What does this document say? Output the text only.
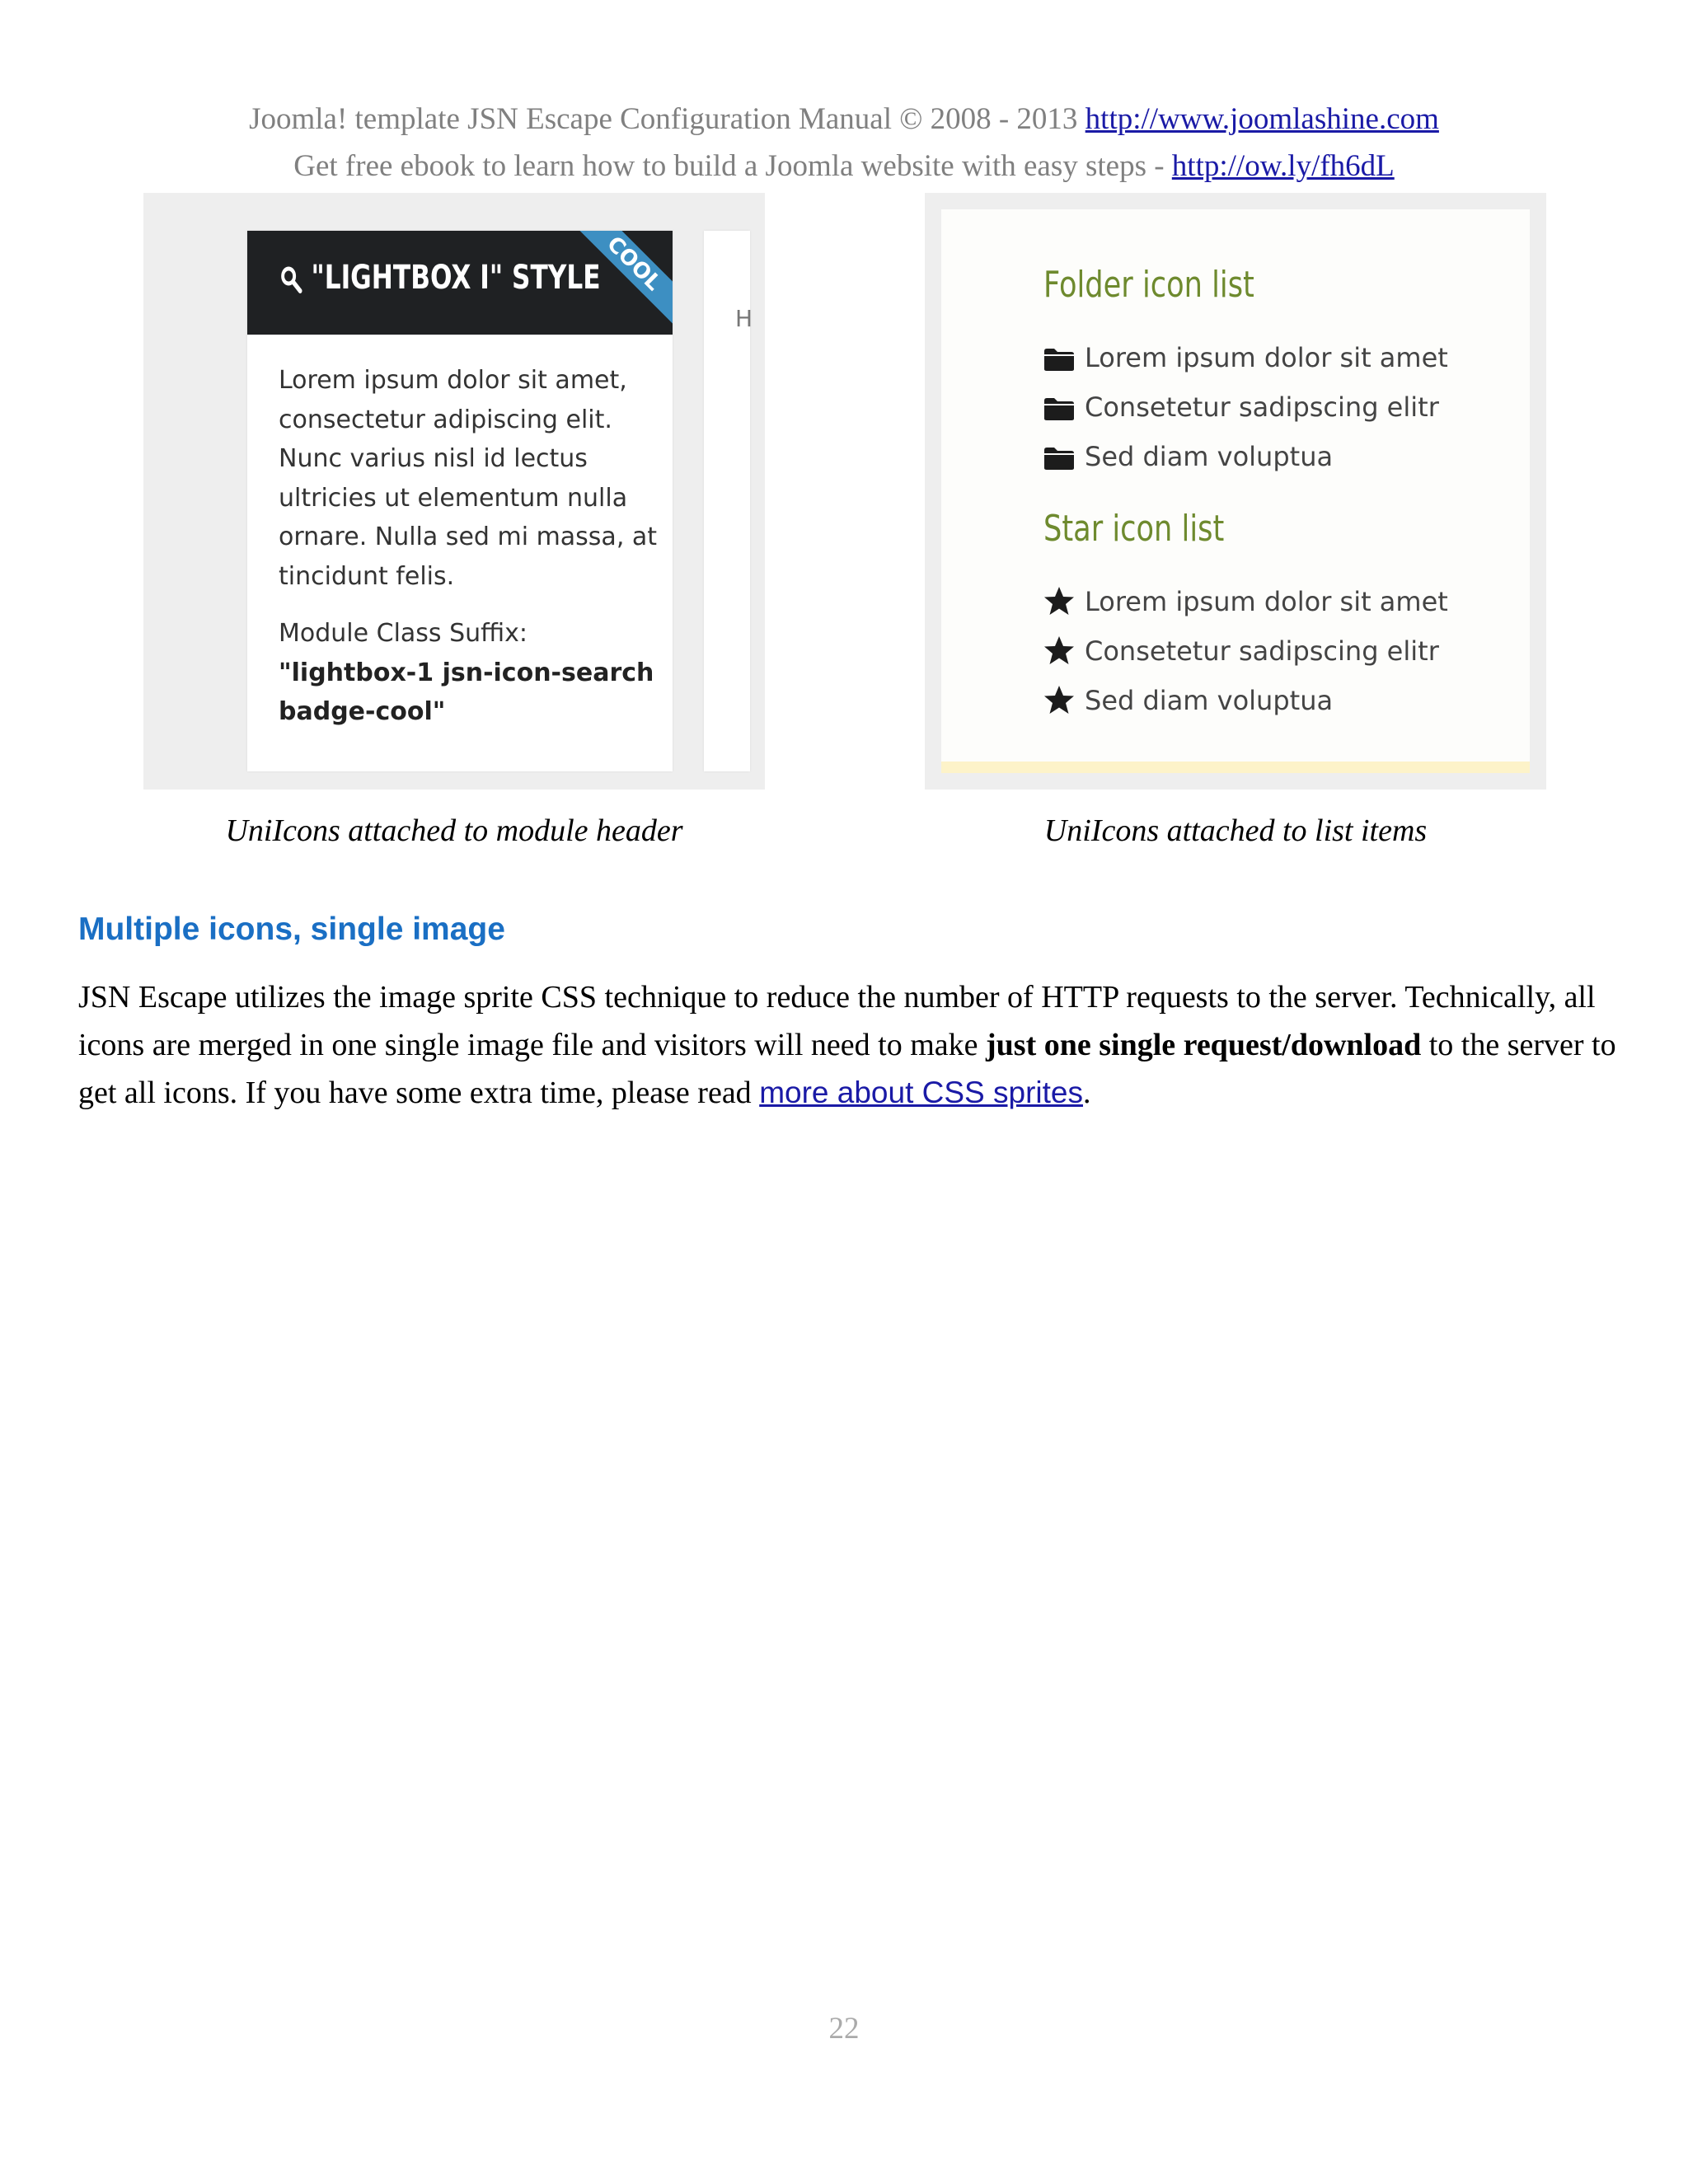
Joomla! template JSN Escape Configuration Manual © 2008 - 2013 http://www.joomlashine.com
Get free ebook to learn how to build a Joomla website with easy steps - http://ow.ly/fh6dL
"LIGHTBOX I" STYLE COOL

Lorem ipsum dolor sit amet, consectetur adipiscing elit. Nunc varius nisl id lectus ultricies ut elementum nulla ornare. Nulla sed mi massa, at tincidunt felis.

Module Class Suffix:

"lightbox-1 jsn-icon-search badge-cool"

H
Folder icon list
Lorem ipsum dolor sit amet
Consetetur sadipscing elitr
Sed diam voluptua
Star icon list
Lorem ipsum dolor sit amet
Consetetur sadipscing elitr
Sed diam voluptua
UniIcons attached to module header	UniIcons attached to list items
Multiple icons, single image

JSN Escape utilizes the image sprite CSS technique to reduce the number of HTTP requests to the server. Technically, all icons are merged in one single image file and visitors will need to make just one single request/download to the server to get all icons. If you have some extra time, please read more about CSS sprites.

22
